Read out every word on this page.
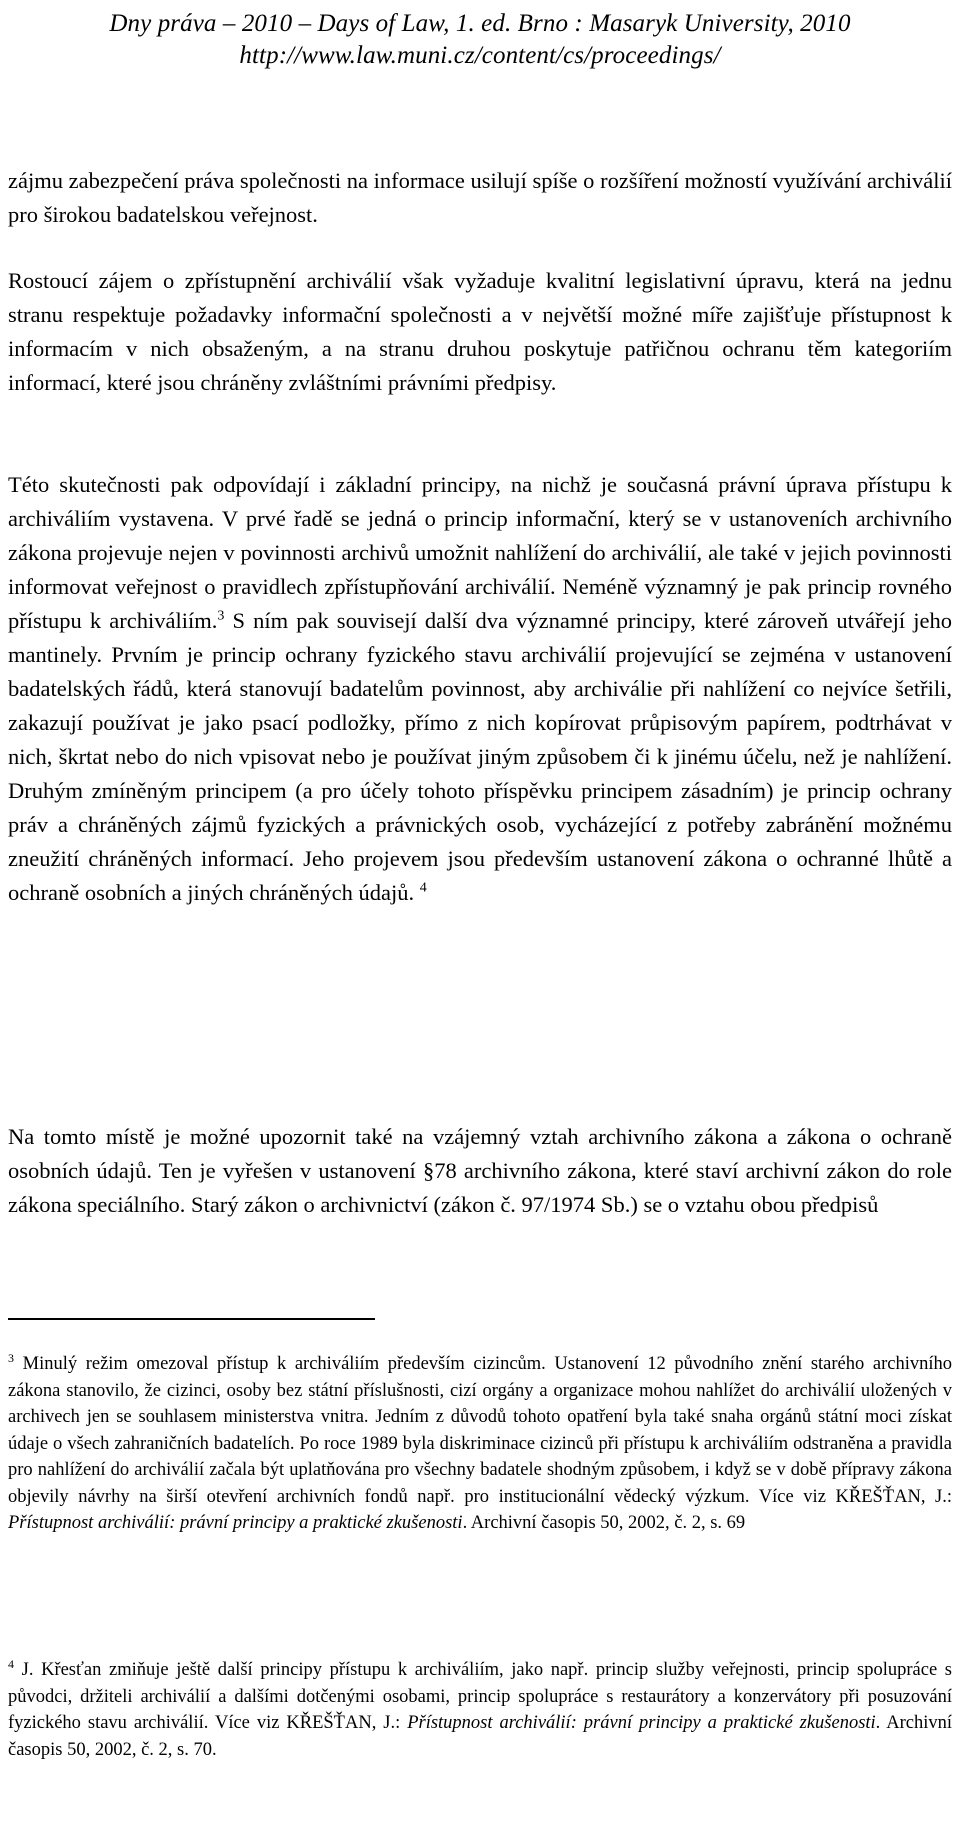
Dny práva – 2010 – Days of Law, 1. ed. Brno : Masaryk University, 2010
http://www.law.muni.cz/content/cs/proceedings/

zájmu zabezpečení práva společnosti na informace usilují spíše o rozšíření možností využívání archiválií pro širokou badatelskou veřejnost.

Rostoucí zájem o zpřístupnění archiválií však vyžaduje kvalitní legislativní úpravu, která na jednu stranu respektuje požadavky informační společnosti a v největší možné míře zajišťuje přístupnost k informacím v nich obsaženým, a na stranu druhou poskytuje patřičnou ochranu těm kategoriím informací, které jsou chráněny zvláštními právními předpisy.

Této skutečnosti pak odpovídají i základní principy, na nichž je současná právní úprava přístupu k archiváliím vystavena. V prvé řadě se jedná o princip informační, který se v ustanoveních archivního zákona projevuje nejen v povinnosti archivů umožnit nahlížení do archiválií, ale také v jejich povinnosti informovat veřejnost o pravidlech zpřístupňování archiválií. Neméně významný je pak princip rovného přístupu k archiváliím.$^3$ S ním pak souvisejí další dva významné principy, které zároveň utvářejí jeho mantinely. Prvním je princip ochrany fyzického stavu archiválií projevující se zejména v ustanovení badatelských řádů, která stanovují badatelům povinnost, aby archiválie při nahlížení co nejvíce šetřili, zakazují používat je jako psací podložky, přímo z nich kopírovat průpisovým papírem, podtrhávat v nich, škrtat nebo do nich vpisovat nebo je používat jiným způsobem či k jinému účelu, než je nahlížení. Druhým zmíněným principem (a pro účely tohoto příspěvku principem zásadním) je princip ochrany práv a chráněných zájmů fyzických a právnických osob, vycházející z potřeby zabránění možnému zneužití chráněných informací. Jeho projevem jsou především ustanovení zákona o ochranné lhůtě a ochraně osobních a jiných chráněných údajů. $^4$

Na tomto místě je možné upozornit také na vzájemný vztah archivního zákona a zákona o ochraně osobních údajů. Ten je vyřešen v ustanovení §78 archivního zákona, které staví archivní zákon do role zákona speciálního. Starý zákon o archivnictví (zákon č. 97/1974 Sb.) se o vztahu obou předpisů

$^3$ Minulý režim omezoval přístup k archiváliím především cizincům. Ustanovení 12 původního znění starého archivního zákona stanovilo, že cizinci, osoby bez státní příslušnosti, cizí orgány a organizace mohou nahlížet do archiválií uložených v archivech jen se souhlasem ministerstva vnitra. Jedním z důvodů tohoto opatření byla také snaha orgánů státní moci získat údaje o všech zahraničních badatelích. Po roce 1989 byla diskriminace cizinců při přístupu k archiváliím odstraněna a pravidla pro nahlížení do archiválií začala být uplatňována pro všechny badatele shodným způsobem, i když se v době přípravy zákona objevily návrhy na širší otevření archivních fondů např. pro institucionální vědecký výzkum. Více viz KŘEŠŤAN, J.: Přístupnost archiválií: právní principy a praktické zkušenosti. Archivní časopis 50, 2002, č. 2, s. 69

$^4$ J. Křesťan zmiňuje ještě další principy přístupu k archiváliím, jako např. princip služby veřejnosti, princip spolupráce s původci, držiteli archiválií a dalšími dotčenými osobami, princip spolupráce s restaurátory a konzervátory při posuzování fyzického stavu archiválií. Více viz KŘEŠŤAN, J.: Přístupnost archiválií: právní principy a praktické zkušenosti. Archivní časopis 50, 2002, č. 2, s. 70.
